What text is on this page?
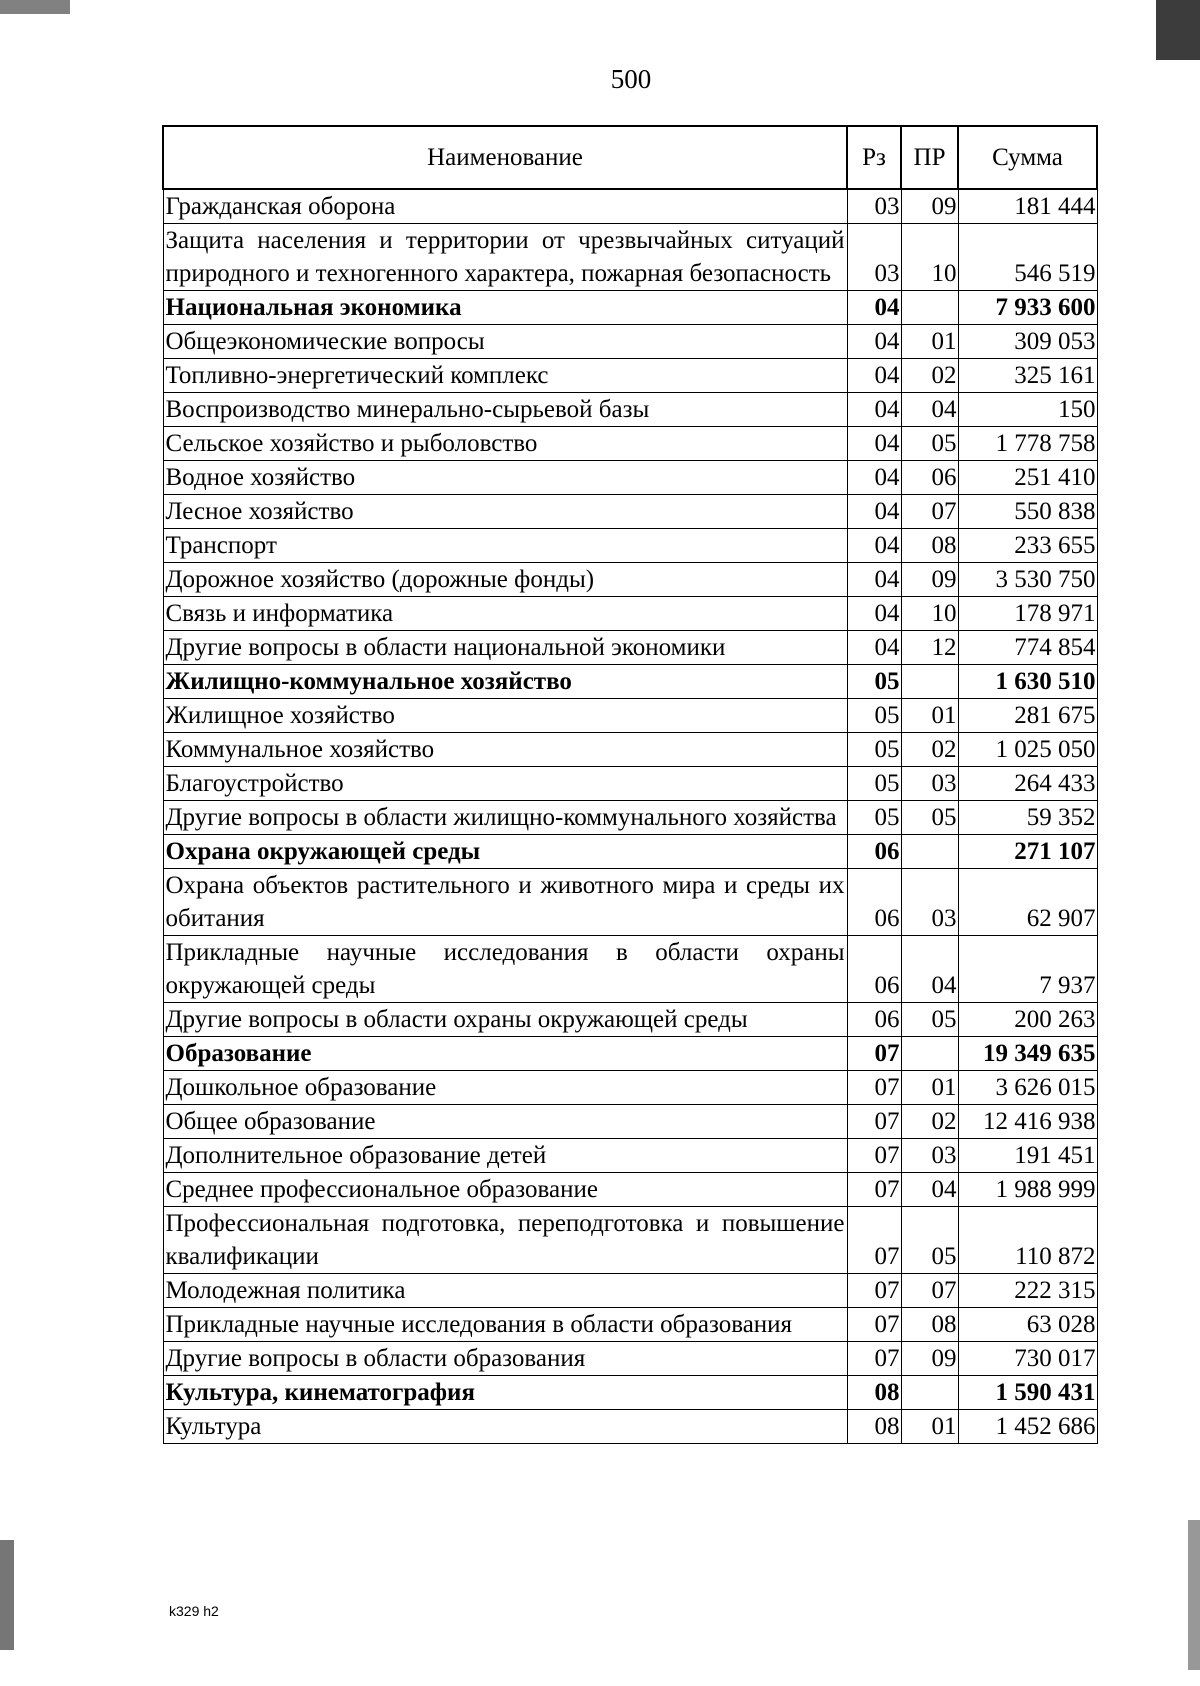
500
Наименование	Рз	ПР	Сумма
Гражданская оборона	03	09	181 444
Защита населения и территории от чрезвычайных ситуаций природного и техногенного характера, пожарная безопасность	03	10	546 519
Национальная экономика	04		7 933 600
Общеэкономические вопросы	04	01	309 053
Топливно-энергетический комплекс	04	02	325 161
Воспроизводство минерально-сырьевой базы	04	04	150
Сельское хозяйство и рыболовство	04	05	1 778 758
Водное хозяйство	04	06	251 410
Лесное хозяйство	04	07	550 838
Транспорт	04	08	233 655
Дорожное хозяйство (дорожные фонды)	04	09	3 530 750
Связь и информатика	04	10	178 971
Другие вопросы в области национальной экономики	04	12	774 854
Жилищно-коммунальное хозяйство	05		1 630 510
Жилищное хозяйство	05	01	281 675
Коммунальное хозяйство	05	02	1 025 050
Благоустройство	05	03	264 433
Другие вопросы в области жилищно-коммунального хозяйства	05	05	59 352
Охрана окружающей среды	06		271 107
Охрана объектов растительного и животного мира и среды их обитания	06	03	62 907
Прикладные научные исследования в области охраны окружающей среды	06	04	7 937
Другие вопросы в области охраны окружающей среды	06	05	200 263
Образование	07		19 349 635
Дошкольное образование	07	01	3 626 015
Общее образование	07	02	12 416 938
Дополнительное образование детей	07	03	191 451
Среднее профессиональное образование	07	04	1 988 999
Профессиональная подготовка, переподготовка и повышение квалификации	07	05	110 872
Молодежная политика	07	07	222 315
Прикладные научные исследования в области образования	07	08	63 028
Другие вопросы в области образования	07	09	730 017
Культура, кинематография	08		1 590 431
Культура	08	01	1 452 686
k329 h2
